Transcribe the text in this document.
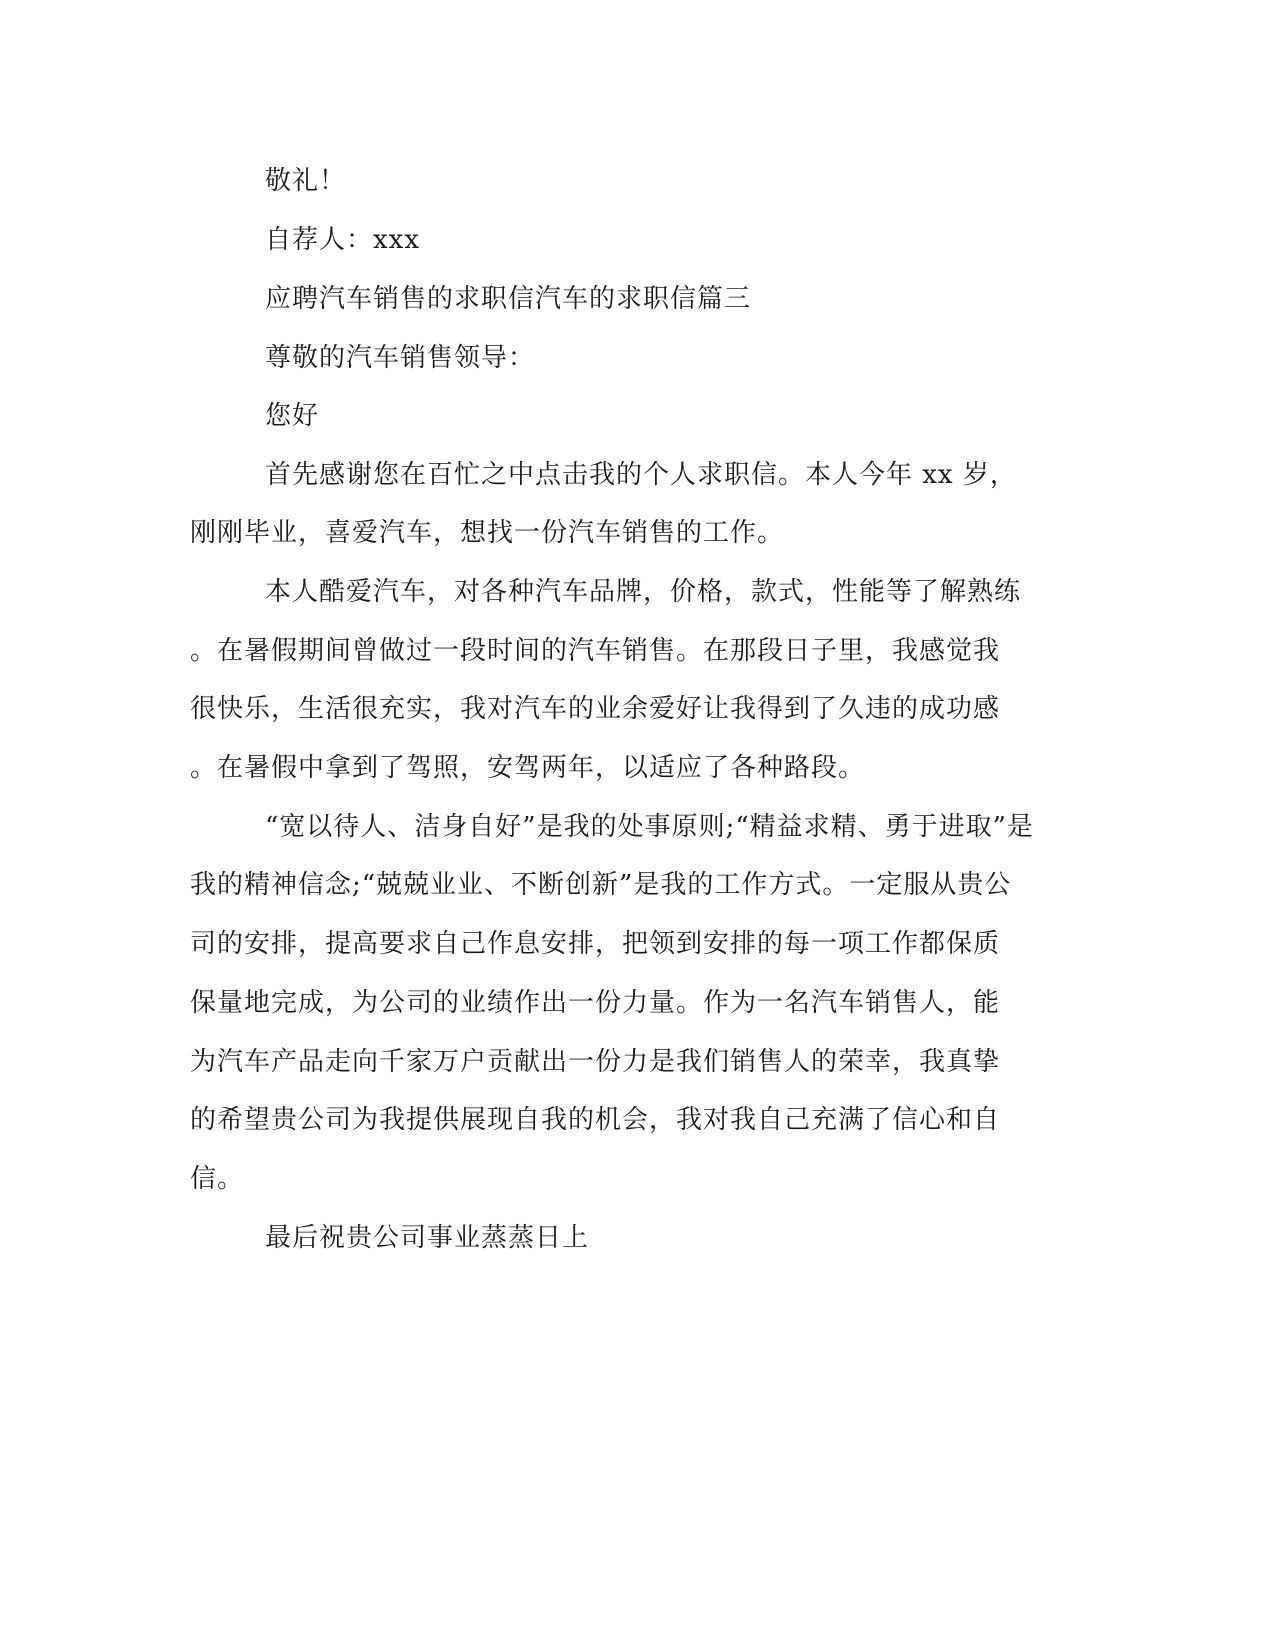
敬礼！

自荐人：xxx

应聘汽车销售的求职信汽车的求职信篇三

尊敬的汽车销售领导：

您好

首先感谢您在百忙之中点击我的个人求职信。本人今年 xx 岁，

刚刚毕业，喜爱汽车，想找一份汽车销售的工作。

本人酷爱汽车，对各种汽车品牌，价格，款式，性能等了解熟练

。在暑假期间曾做过一段时间的汽车销售。在那段日子里，我感觉我

很快乐，生活很充实，我对汽车的业余爱好让我得到了久违的成功感

。在暑假中拿到了驾照，安驾两年，以适应了各种路段。

“宽以待人、洁身自好”是我的处事原则;“精益求精、勇于进取”是

我的精神信念;“兢兢业业、不断创新”是我的工作方式。一定服从贵公

司的安排，提高要求自己作息安排，把领到安排的每一项工作都保质

保量地完成，为公司的业绩作出一份力量。作为一名汽车销售人，能

为汽车产品走向千家万户贡献出一份力是我们销售人的荣幸，我真挚

的希望贵公司为我提供展现自我的机会，我对我自己充满了信心和自

信。

最后祝贵公司事业蒸蒸日上
